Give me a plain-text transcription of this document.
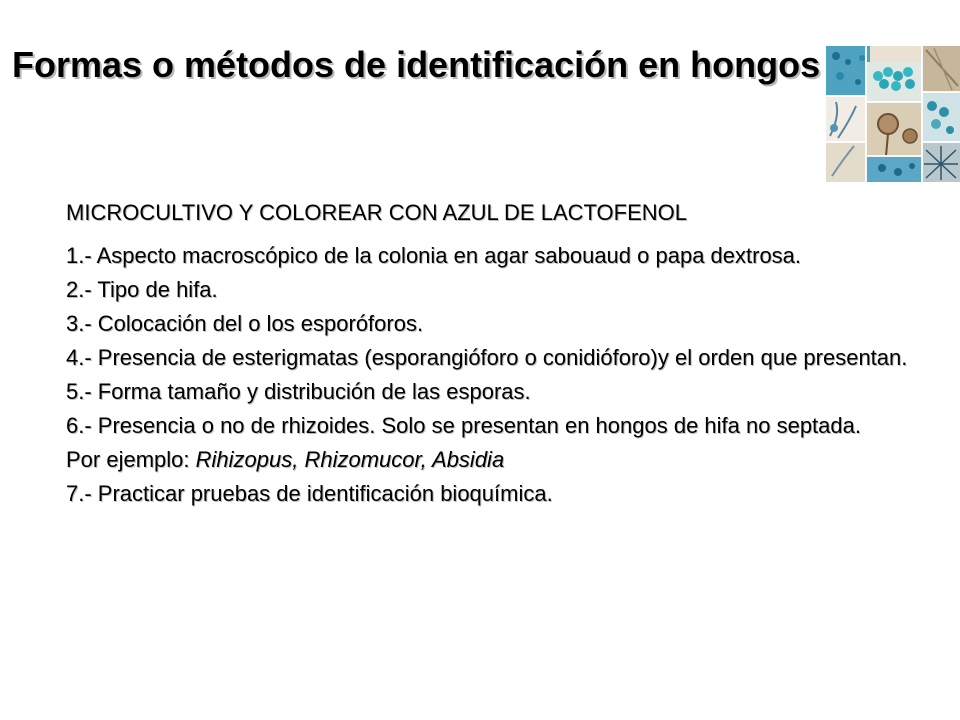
Formas o métodos de identificación en hongos
MICROCULTIVO Y COLOREAR CON AZUL DE LACTOFENOL
1.- Aspecto macroscópico de la colonia en agar sabouaud o papa dextrosa.
2.- Tipo de hifa.
3.- Colocación del o los esporóforos.
4.- Presencia de esterigmatas (esporangióforo o conidióforo)y el orden que presentan.
5.- Forma tamaño y distribución de las esporas.
6.- Presencia o no de rhizoides. Solo se presentan en hongos de hifa no septada.
Por ejemplo: Rihizopus, Rhizomucor, Absidia
7.- Practicar pruebas de identificación bioquímica.
